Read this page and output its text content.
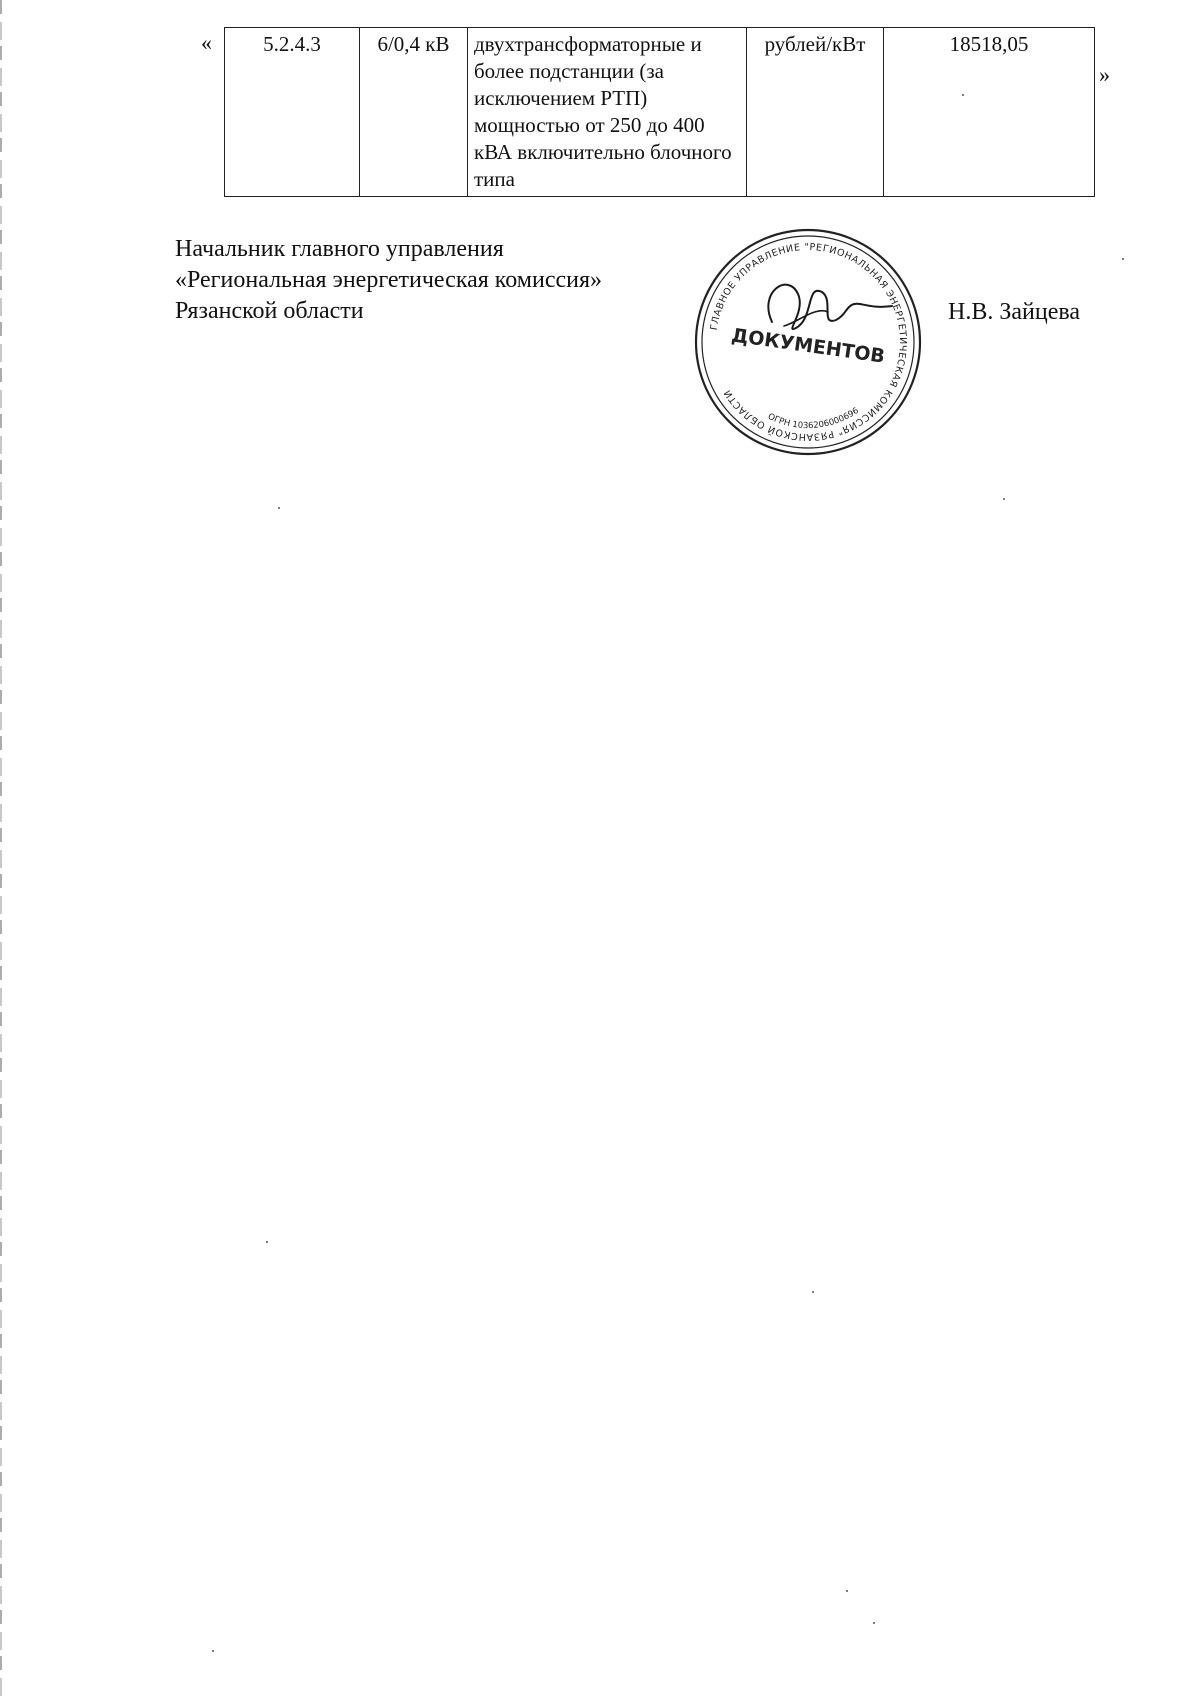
« 5.2.4.3	6/0,4 кВ	двухтрансформаторные и более подстанции (за исключением РТП) мощностью от 250 до 400 кВА включительно блочного типа	рублей/кВт	18518,05
»
Начальник главного управления
«Региональная энергетическая комиссия»
Рязанской области
ГЛАВНОЕ УПРАВЛЕНИЕ "РЕГИОНАЛЬНАЯ ЭНЕРГЕТИЧЕСКАЯ КОМИССИЯ" РЯЗАНСКОЙ ОБЛАСТИ
ОГРН 1036206000696
ДОКУМЕНТОВ
Н.В. Зайцева
